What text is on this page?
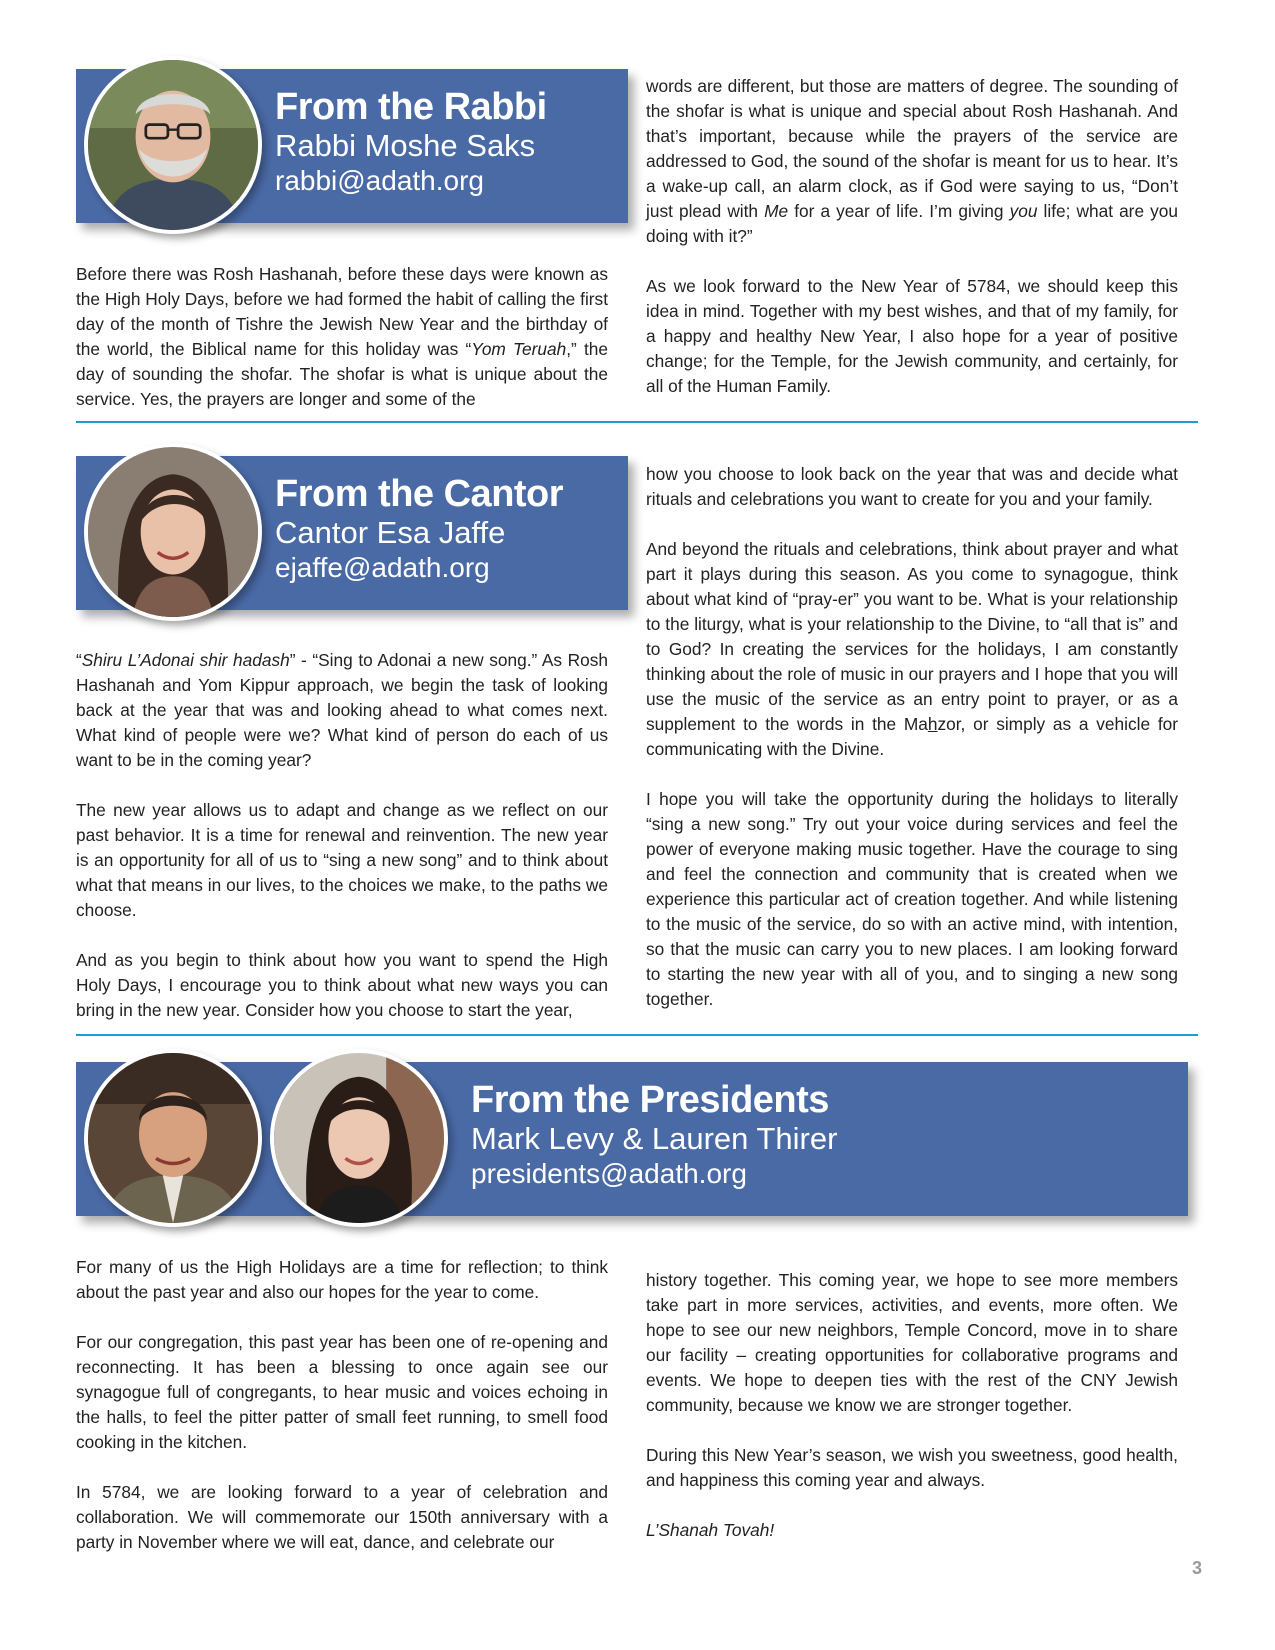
From the Rabbi
Rabbi Moshe Saks
rabbi@adath.org

Before there was Rosh Hashanah, before these days were known as the High Holy Days, before we had formed the habit of calling the first day of the month of Tishre the Jewish New Year and the birthday of the world, the Biblical name for this holiday was “Yom Teruah,” the day of sounding the shofar. The shofar is what is unique about the service. Yes, the prayers are longer and some of the

words are different, but those are matters of degree. The sounding of the shofar is what is unique and special about Rosh Hashanah. And that’s important, because while the prayers of the service are addressed to God, the sound of the shofar is meant for us to hear. It’s a wake-up call, an alarm clock, as if God were saying to us, “Don’t just plead with Me for a year of life. I’m giving you life; what are you doing with it?”

As we look forward to the New Year of 5784, we should keep this idea in mind. Together with my best wishes, and that of my family, for a happy and healthy New Year, I also hope for a year of positive change; for the Temple, for the Jewish community, and certainly, for all of the Human Family.

From the Cantor
Cantor Esa Jaffe
ejaffe@adath.org

“Shiru L’Adonai shir hadash” - “Sing to Adonai a new song.” As Rosh Hashanah and Yom Kippur approach, we begin the task of looking back at the year that was and looking ahead to what comes next. What kind of people were we? What kind of person do each of us want to be in the coming year?

The new year allows us to adapt and change as we reflect on our past behavior. It is a time for renewal and reinvention. The new year is an opportunity for all of us to “sing a new song” and to think about what that means in our lives, to the choices we make, to the paths we choose.

And as you begin to think about how you want to spend the High Holy Days, I encourage you to think about what new ways you can bring in the new year. Consider how you choose to start the year,

how you choose to look back on the year that was and decide what rituals and celebrations you want to create for you and your family.

And beyond the rituals and celebrations, think about prayer and what part it plays during this season. As you come to synagogue, think about what kind of “pray-er” you want to be. What is your relationship to the liturgy, what is your relationship to the Divine, to “all that is” and to God? In creating the services for the holidays, I am constantly thinking about the role of music in our prayers and I hope that you will use the music of the service as an entry point to prayer, or as a supplement to the words in the Mahzor, or simply as a vehicle for communicating with the Divine.

I hope you will take the opportunity during the holidays to literally “sing a new song.” Try out your voice during services and feel the power of everyone making music together. Have the courage to sing and feel the connection and community that is created when we experience this particular act of creation together. And while listening to the music of the service, do so with an active mind, with intention, so that the music can carry you to new places. I am looking forward to starting the new year with all of you, and to singing a new song together.

From the Presidents
Mark Levy & Lauren Thirer
presidents@adath.org

For many of us the High Holidays are a time for reflection; to think about the past year and also our hopes for the year to come.

For our congregation, this past year has been one of re-opening and reconnecting. It has been a blessing to once again see our synagogue full of congregants, to hear music and voices echoing in the halls, to feel the pitter patter of small feet running, to smell food cooking in the kitchen.

In 5784, we are looking forward to a year of celebration and collaboration. We will commemorate our 150th anniversary with a party in November where we will eat, dance, and celebrate our

history together. This coming year, we hope to see more members take part in more services, activities, and events, more often. We hope to see our new neighbors, Temple Concord, move in to share our facility – creating opportunities for collaborative programs and events. We hope to deepen ties with the rest of the CNY Jewish community, because we know we are stronger together.

During this New Year’s season, we wish you sweetness, good health, and happiness this coming year and always.

L’Shanah Tovah!

3
